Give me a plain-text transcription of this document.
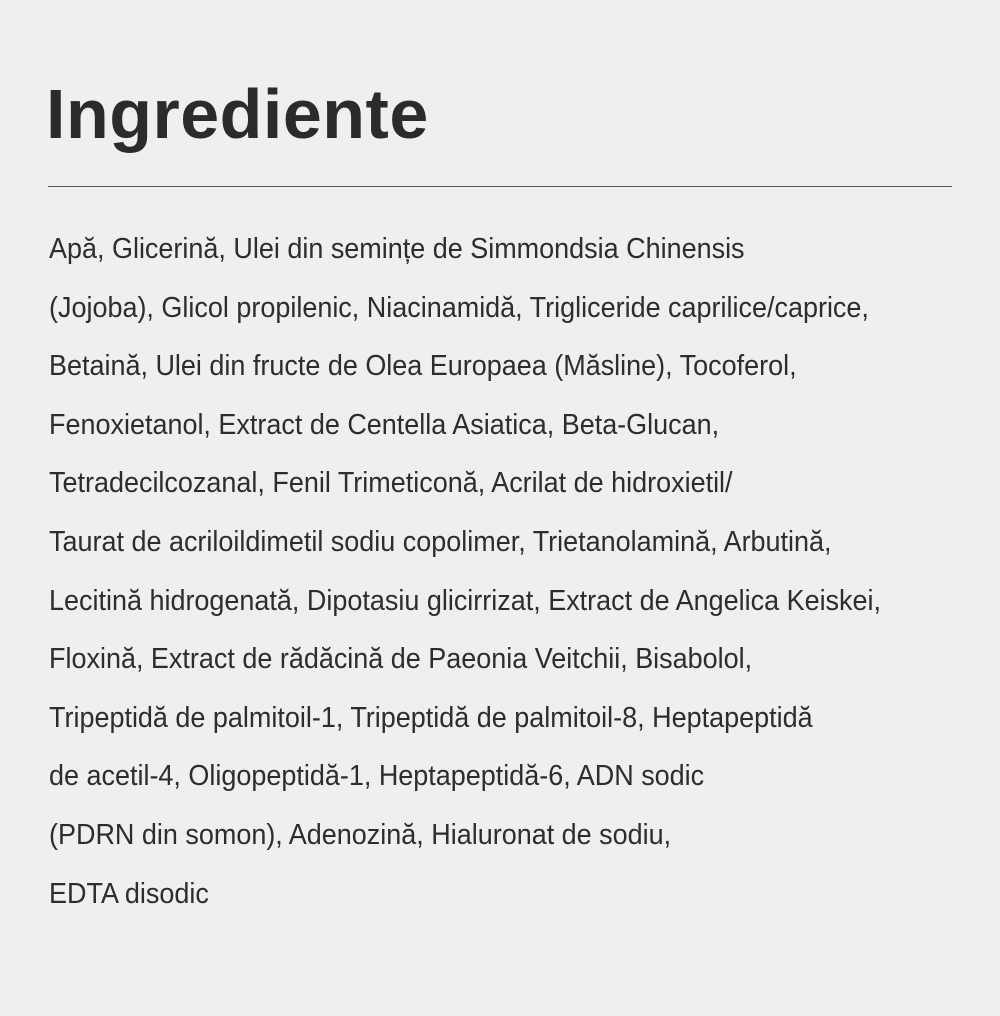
Ingrediente
Apă, Glicerină, Ulei din semințe de Simmondsia Chinensis
(Jojoba), Glicol propilenic, Niacinamidă, Trigliceride caprilice/caprice,
Betaină, Ulei din fructe de Olea Europaea (Măsline), Tocoferol,
Fenoxietanol, Extract de Centella Asiatica, Beta-Glucan,
Tetradecilcozanal, Fenil Trimeticonă, Acrilat de hidroxietil/
Taurat de acriloildimetil sodiu copolimer, Trietanolamină, Arbutină,
Lecitină hidrogenată, Dipotasiu glicirrizat, Extract de Angelica Keiskei,
Floxină, Extract de rădăcină de Paeonia Veitchii, Bisabolol,
Tripeptidă de palmitoil-1, Tripeptidă de palmitoil-8, Heptapeptidă
de acetil-4, Oligopeptidă-1, Heptapeptidă-6, ADN sodic
(PDRN din somon), Adenozină, Hialuronat de sodiu,
EDTA disodic
